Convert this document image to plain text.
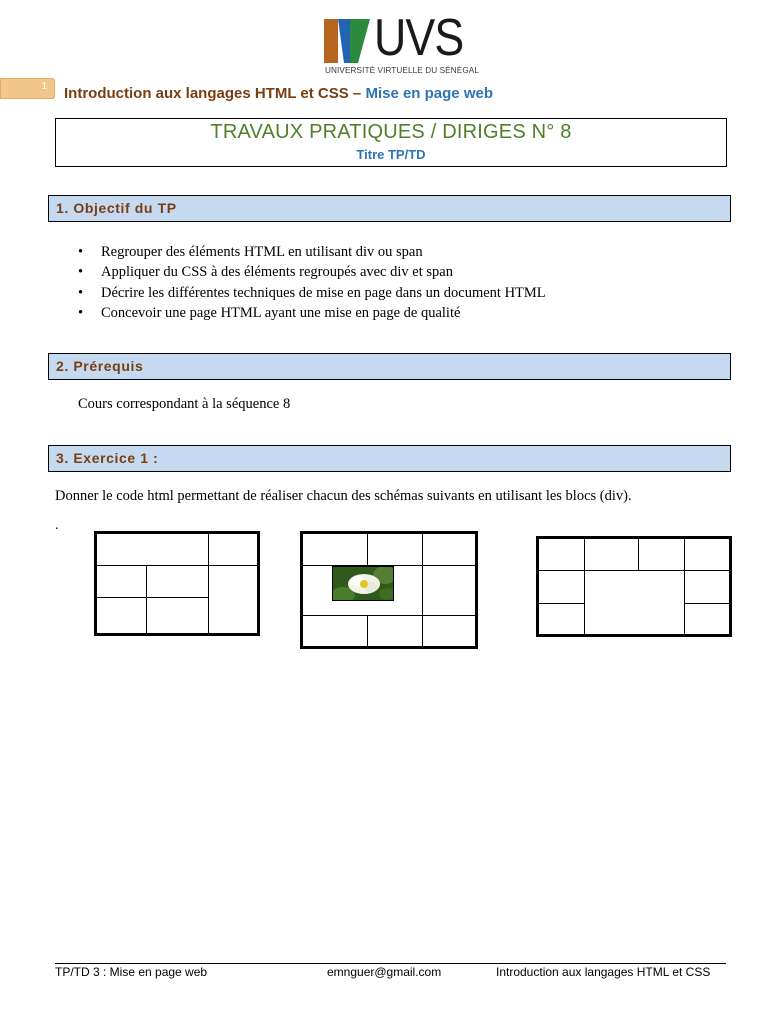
UVS
UNIVERSITÉ VIRTUELLE DU SÉNÉGAL
1 Introduction aux langages HTML et CSS – Mise en page web
TRAVAUX PRATIQUES / DIRIGES N° 8
Titre TP/TD
1. Objectif du TP
• Regrouper des éléments HTML en utilisant div ou span
• Appliquer du CSS à des éléments regroupés avec div et span
• Décrire les différentes techniques de mise en page dans un document HTML
• Concevoir une page HTML ayant une mise en page de qualité
2. Prérequis
Cours correspondant à la séquence 8
3. Exercice 1 :
Donner le code html permettant de réaliser chacun des schémas suivants en utilisant les blocs (div).
.
TP/TD 3 : Mise en page web	emnguer@gmail.com	Introduction aux langages HTML et CSS
